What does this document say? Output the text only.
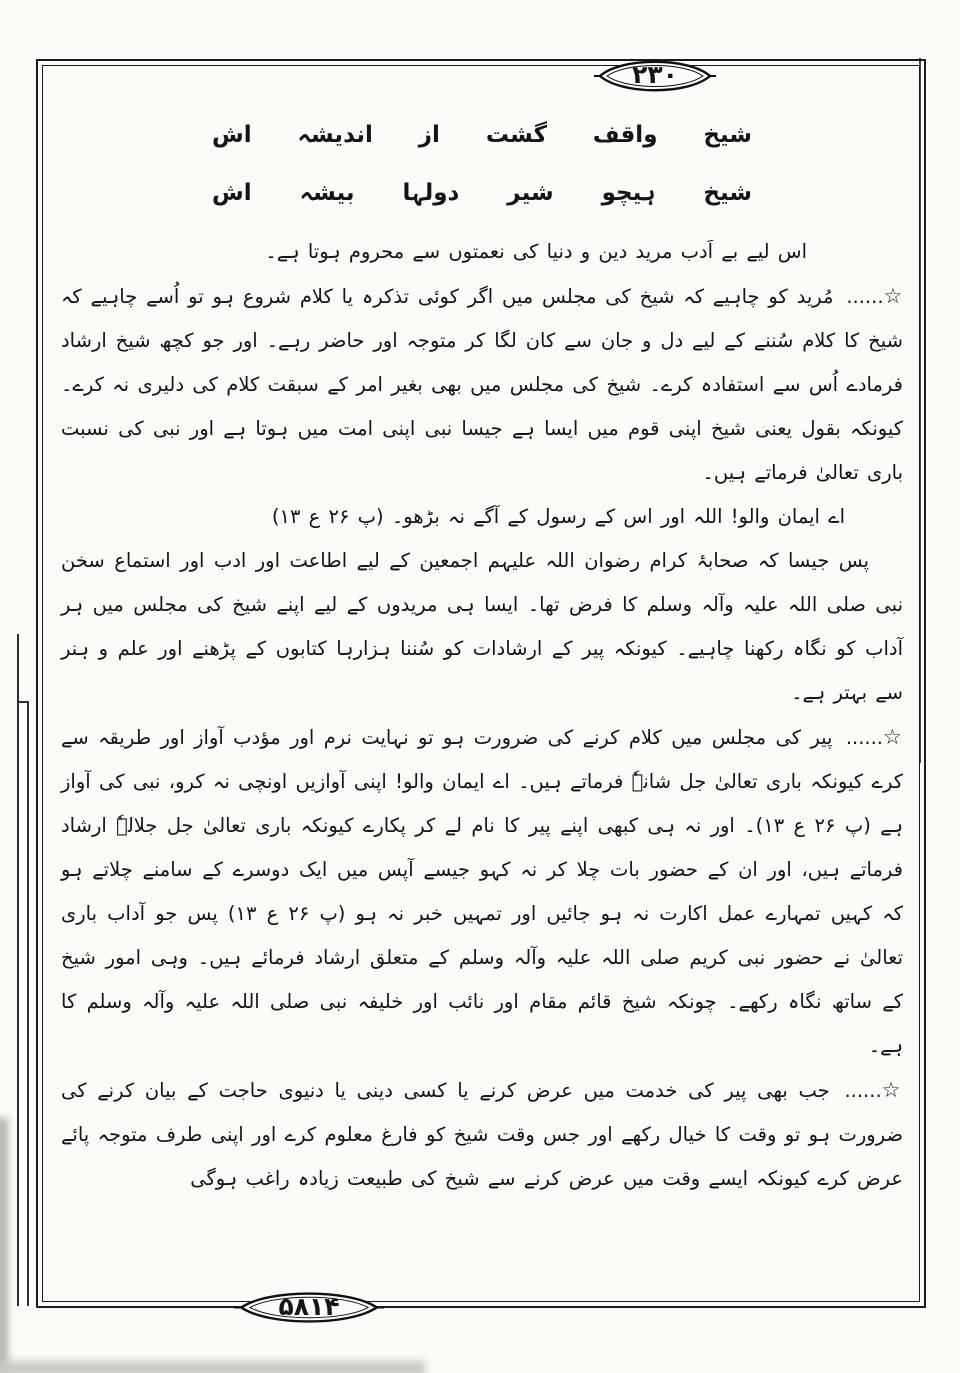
۲۳۰
۵۸۱۴
شیخ
واقف
گشت
از
اندیشہ
اش
شیخ
ہیچو
شیر
دولہا
بیشہ
اش
اس لیے بے اَدب مرید دین و دنیا کی نعمتوں سے محروم ہوتا ہے۔
☆...... مُرید کو چاہیے کہ شیخ کی مجلس میں اگر کوئی تذکرہ یا کلام شروع ہو تو اُسے چاہیے کہ شیخ کا کلام سُننے کے لیے دل و جان سے کان لگا کر متوجہ اور حاضر رہے۔ اور جو کچھ شیخ ارشاد فرمادے اُس سے استفادہ کرے۔ شیخ کی مجلس میں بھی بغیر امر کے سبقت کلام کی دلیری نہ کرے۔ کیونکہ بقول یعنی شیخ اپنی قوم میں ایسا ہے جیسا نبی اپنی امت میں ہوتا ہے اور نبی کی نسبت باری تعالیٰ فرماتے ہیں۔
اے ایمان والو! اللہ اور اس کے رسول کے آگے نہ بڑھو۔ (پ ۲۶ ع ۱۳)
پس جیسا کہ صحابۂ کرام رضوان اللہ علیہم اجمعین کے لیے اطاعت اور ادب اور استماع سخن نبی صلی اللہ علیہ وآلہ وسلم کا فرض تھا۔ ایسا ہی مریدوں کے لیے اپنے شیخ کی مجلس میں ہر آداب کو نگاہ رکھنا چاہیے۔ کیونکہ پیر کے ارشادات کو سُننا ہزارہا کتابوں کے پڑھنے اور علم و ہنر سے بہتر ہے۔
☆...... پیر کی مجلس میں کلام کرنے کی ضرورت ہو تو نہایت نرم اور مؤدب آواز اور طریقہ سے کرے کیونکہ باری تعالیٰ جل شانہٗ فرماتے ہیں۔ اے ایمان والو! اپنی آوازیں اونچی نہ کرو، نبی کی آواز ہے (پ ۲۶ ع ۱۳)۔ اور نہ ہی کبھی اپنے پیر کا نام لے کر پکارے کیونکہ باری تعالیٰ جل جلالہٗ ارشاد فرماتے ہیں، اور ان کے حضور بات چلا کر نہ کہو جیسے آپس میں ایک دوسرے کے سامنے چلاتے ہو کہ کہیں تمہارے عمل اکارت نہ ہو جائیں اور تمہیں خبر نہ ہو (پ ۲۶ ع ۱۳) پس جو آداب باری تعالیٰ نے حضور نبی کریم صلی اللہ علیہ وآلہ وسلم کے متعلق ارشاد فرمائے ہیں۔ وہی امور شیخ کے ساتھ نگاہ رکھے۔ چونکہ شیخ قائم مقام اور نائب اور خلیفہ نبی صلی اللہ علیہ وآلہ وسلم کا ہے۔
☆...... جب بھی پیر کی خدمت میں عرض کرنے یا کسی دینی یا دنیوی حاجت کے بیان کرنے کی ضرورت ہو تو وقت کا خیال رکھے اور جس وقت شیخ کو فارغ معلوم کرے اور اپنی طرف متوجہ پائے عرض کرے کیونکہ ایسے وقت میں عرض کرنے سے شیخ کی طبیعت زیادہ راغب ہوگی
